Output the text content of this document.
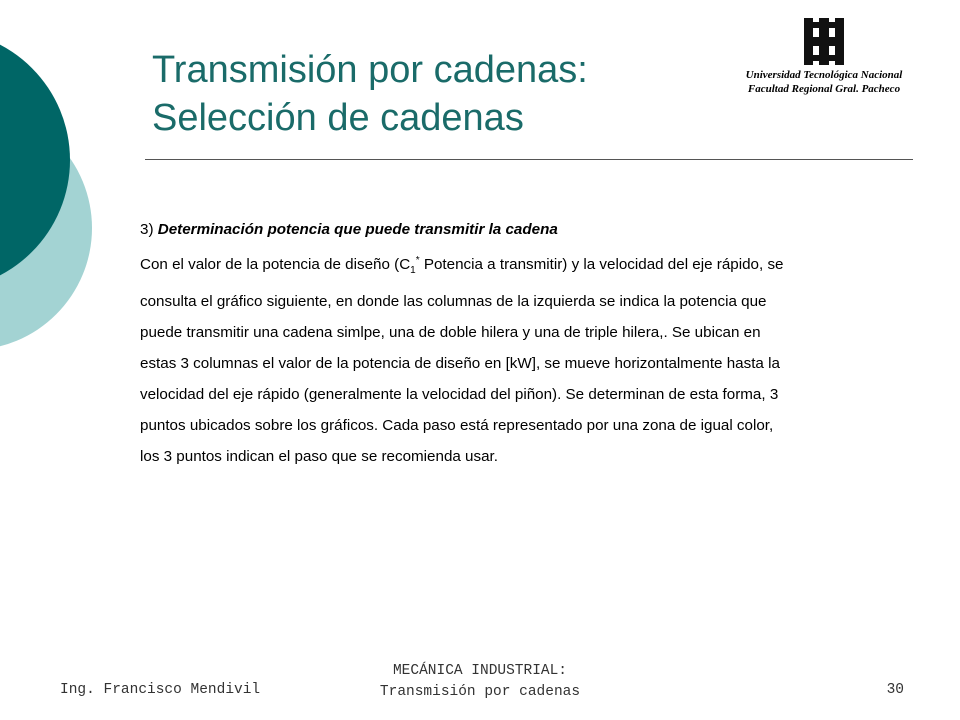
Transmisión por cadenas:
Selección de cadenas
Universidad Tecnológica Nacional
Facultad Regional Gral. Pacheco

3) Determinación potencia que puede transmitir la cadena

Con el valor de la potencia de diseño ($C_1^*$ Potencia a transmitir) y la velocidad del eje rápido, se

consulta el gráfico siguiente, en donde las columnas de la izquierda se indica la potencia que

puede transmitir una cadena simlpe, una de doble hilera y una de triple hilera,. Se ubican en

estas 3 columnas el valor de la potencia de diseño en [kW], se mueve horizontalmente hasta la

velocidad del eje rápido (generalmente la velocidad del piñon). Se determinan de esta forma, 3

puntos ubicados sobre los gráficos. Cada paso está representado por una zona de igual color,

los 3 puntos indican el paso que se recomienda usar.

Ing. Francisco Mendivil
MECÁNICA INDUSTRIAL:
Transmisión por cadenas	30
